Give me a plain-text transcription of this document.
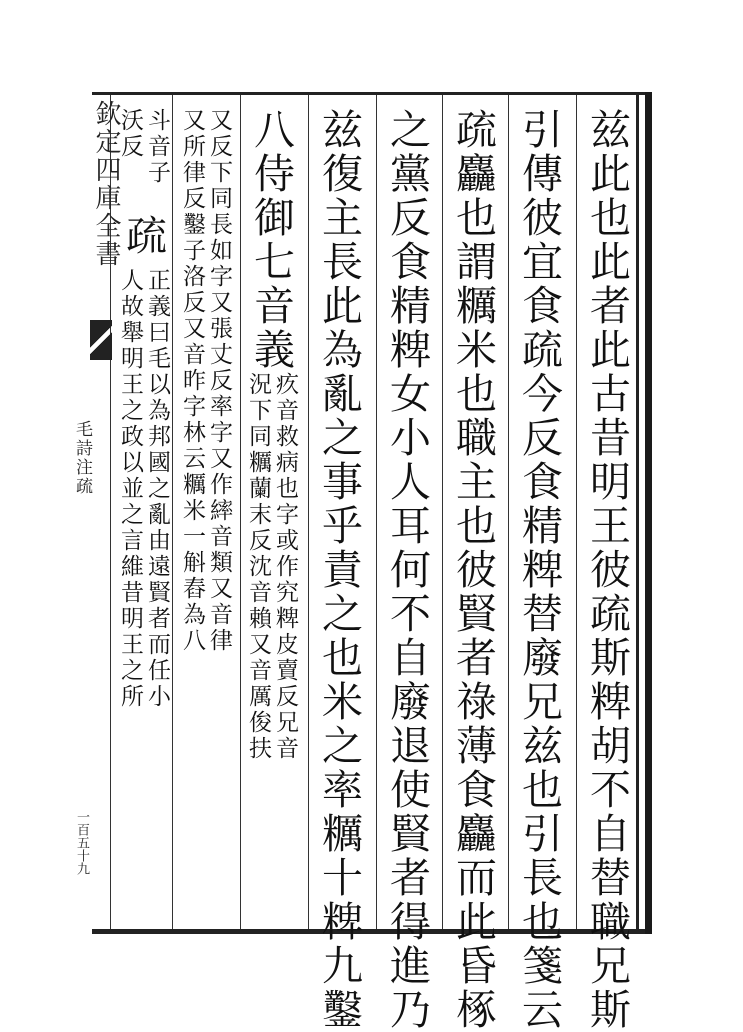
欽定四庫全書
毛詩注疏
一百五十九	兹此也此者此古昔明王彼疏斯粺胡不自替職兄斯
引傳彼宜食疏今反食精粺替廢兄兹也引長也箋云
疏麤也謂糲米也職主也彼賢者祿薄食麤而此昏椓
之黨反食精粺女小人耳何不自廢退使賢者得進乃
兹復主長此為亂之事乎責之也米之率糲十粺九鑿
八侍御七音義
疚音救病也字或作究粺皮賣反兄音
況下同糲蘭末反沈音賴又音厲俊扶
又反下同長如字又張丈反率字又作繂音類又音律
又所律反鑿子洛反又音昨字林云糲米一斛舂為八
斗音子
沃反
疏
正義曰毛以為邦國之亂由遠賢者而任小
人故舉明王之政以並之言維昔明王之所
